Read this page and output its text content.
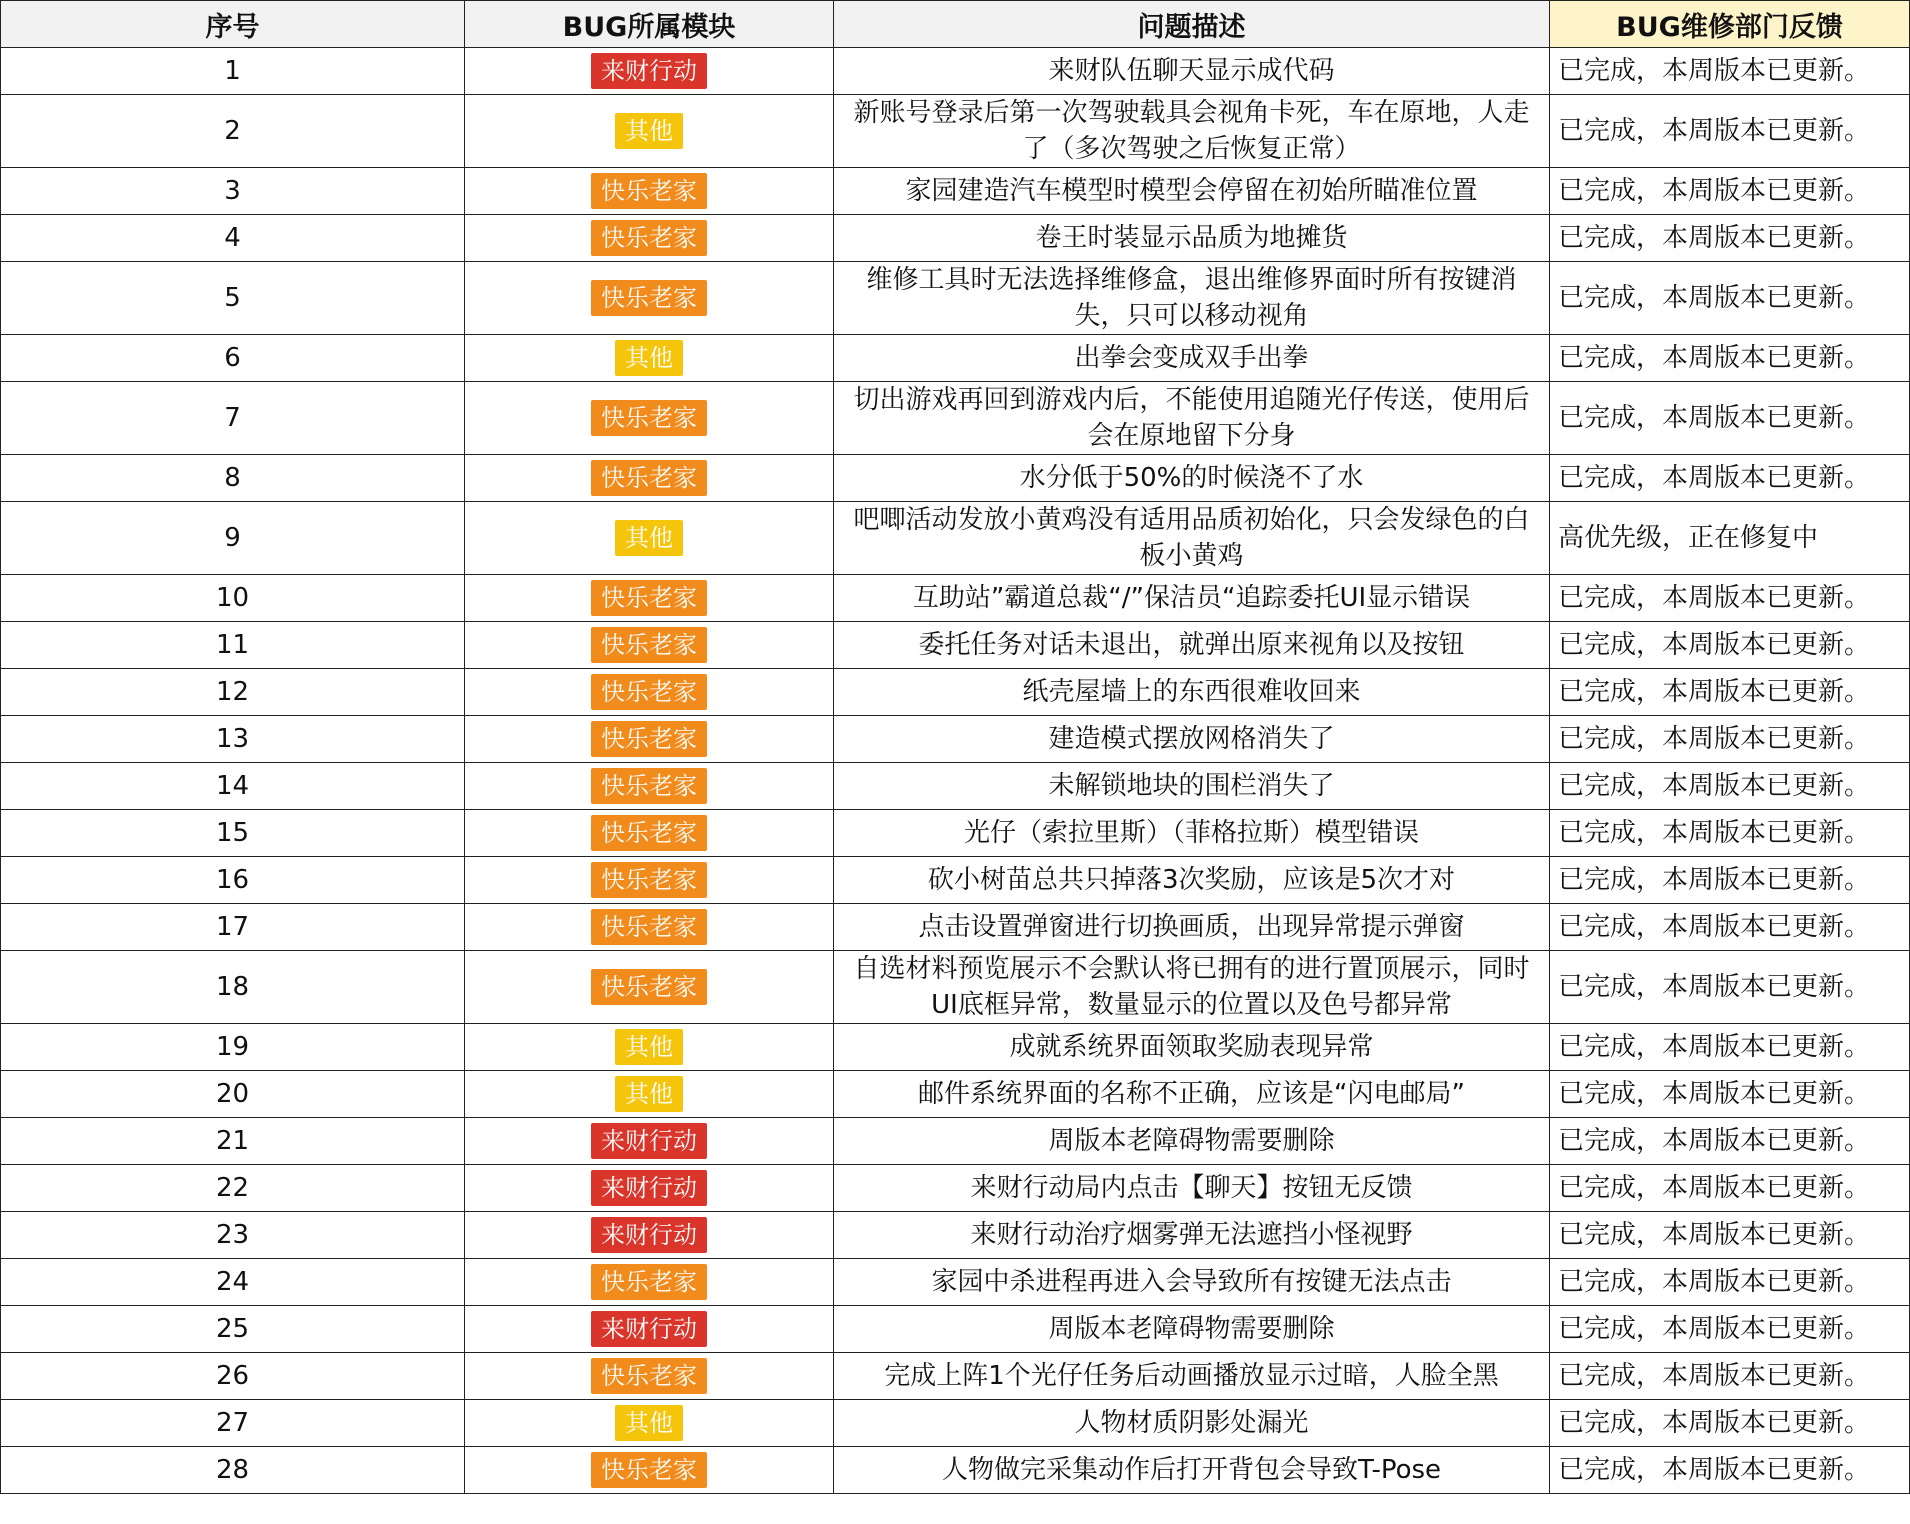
序号	BUG所属模块	问题描述	BUG维修部门反馈
1	来财行动	来财队伍聊天显示成代码	已完成，本周版本已更新。
2	其他	新账号登录后第一次驾驶载具会视角卡死，车在原地，人走了（多次驾驶之后恢复正常）	已完成，本周版本已更新。
3	快乐老家	家园建造汽车模型时模型会停留在初始所瞄准位置	已完成，本周版本已更新。
4	快乐老家	卷王时装显示品质为地摊货	已完成，本周版本已更新。
5	快乐老家	维修工具时无法选择维修盒，退出维修界面时所有按键消失，只可以移动视角	已完成，本周版本已更新。
6	其他	出拳会变成双手出拳	已完成，本周版本已更新。
7	快乐老家	切出游戏再回到游戏内后，不能使用追随光仔传送，使用后会在原地留下分身	已完成，本周版本已更新。
8	快乐老家	水分低于50%的时候浇不了水	已完成，本周版本已更新。
9	其他	吧唧活动发放小黄鸡没有适用品质初始化，只会发绿色的白板小黄鸡	高优先级，正在修复中
10	快乐老家	互助站”霸道总裁“/”保洁员“追踪委托UI显示错误	已完成，本周版本已更新。
11	快乐老家	委托任务对话未退出，就弹出原来视角以及按钮	已完成，本周版本已更新。
12	快乐老家	纸壳屋墙上的东西很难收回来	已完成，本周版本已更新。
13	快乐老家	建造模式摆放网格消失了	已完成，本周版本已更新。
14	快乐老家	未解锁地块的围栏消失了	已完成，本周版本已更新。
15	快乐老家	光仔（索拉里斯）（菲格拉斯）模型错误	已完成，本周版本已更新。
16	快乐老家	砍小树苗总共只掉落3次奖励，应该是5次才对	已完成，本周版本已更新。
17	快乐老家	点击设置弹窗进行切换画质，出现异常提示弹窗	已完成，本周版本已更新。
18	快乐老家	自选材料预览展示不会默认将已拥有的进行置顶展示，同时UI底框异常，数量显示的位置以及色号都异常	已完成，本周版本已更新。
19	其他	成就系统界面领取奖励表现异常	已完成，本周版本已更新。
20	其他	邮件系统界面的名称不正确，应该是“闪电邮局”	已完成，本周版本已更新。
21	来财行动	周版本老障碍物需要删除	已完成，本周版本已更新。
22	来财行动	来财行动局内点击【聊天】按钮无反馈	已完成，本周版本已更新。
23	来财行动	来财行动治疗烟雾弹无法遮挡小怪视野	已完成，本周版本已更新。
24	快乐老家	家园中杀进程再进入会导致所有按键无法点击	已完成，本周版本已更新。
25	来财行动	周版本老障碍物需要删除	已完成，本周版本已更新。
26	快乐老家	完成上阵1个光仔任务后动画播放显示过暗，人脸全黑	已完成，本周版本已更新。
27	其他	人物材质阴影处漏光	已完成，本周版本已更新。
28	快乐老家	人物做完采集动作后打开背包会导致T-Pose	已完成，本周版本已更新。
